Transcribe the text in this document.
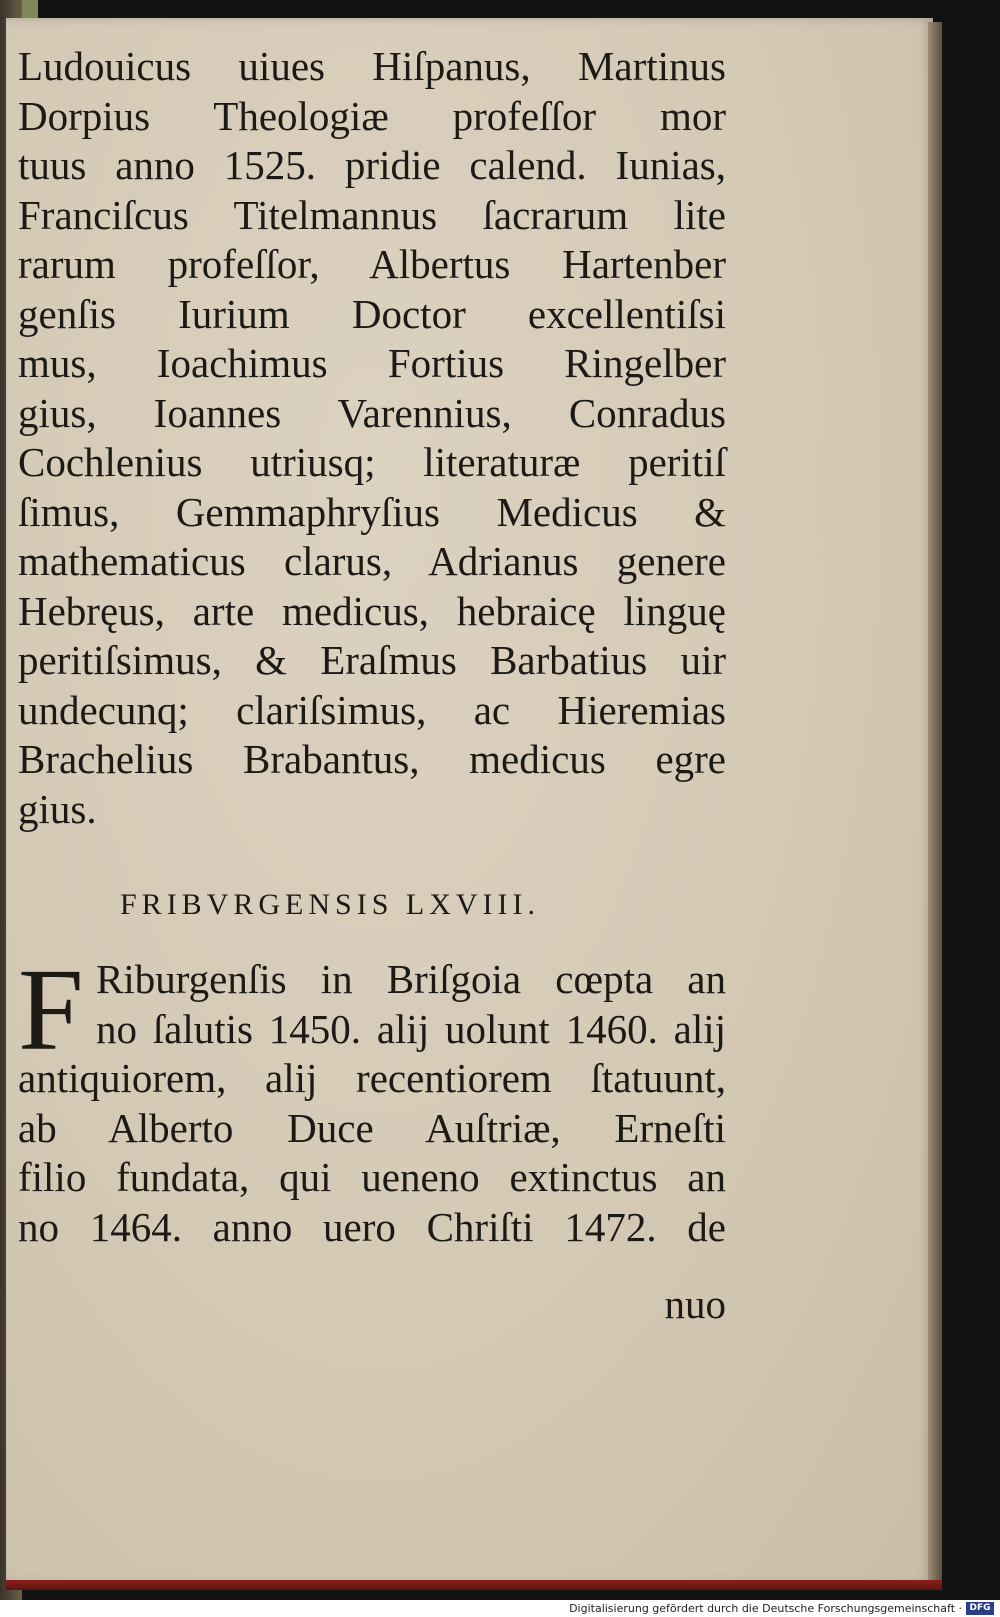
Ludouicus uiues Hiſpanus, Martinus
Dorpius Theologiæ profeſſor mor
tuus anno 1525. pridie calend. Iunias,
Franciſcus Titelmannus ſacrarum lite
rarum profeſſor, Albertus Hartenber
genſis Iurium Doctor excellentiſsi
mus, Ioachimus Fortius Ringelber
gius, Ioannes Varennius, Conradus
Cochlenius utriusq; literaturæ peritiſ
ſimus, Gemmaphryſius Medicus &
mathematicus clarus, Adrianus genere
Hebręus, arte medicus, hebraicę linguę
peritiſsimus, & Eraſmus Barbatius uir
undecunq; clariſsimus, ac Hieremias
Brachelius Brabantus, medicus egre
gius.
FRIBVRGENSIS LXVIII.
F Riburgenſis in Briſgoia cœpta an
no ſalutis 1450. alij uolunt 1460. alij
antiquiorem, alij recentiorem ſtatuunt,
ab Alberto Duce Auſtriæ, Erneſti
filio fundata, qui ueneno extinctus an
no 1464. anno uero Chriſti 1472. de
nuo
Digitalisierung gefördert durch die Deutsche Forschungsgemeinschaft · DFG
